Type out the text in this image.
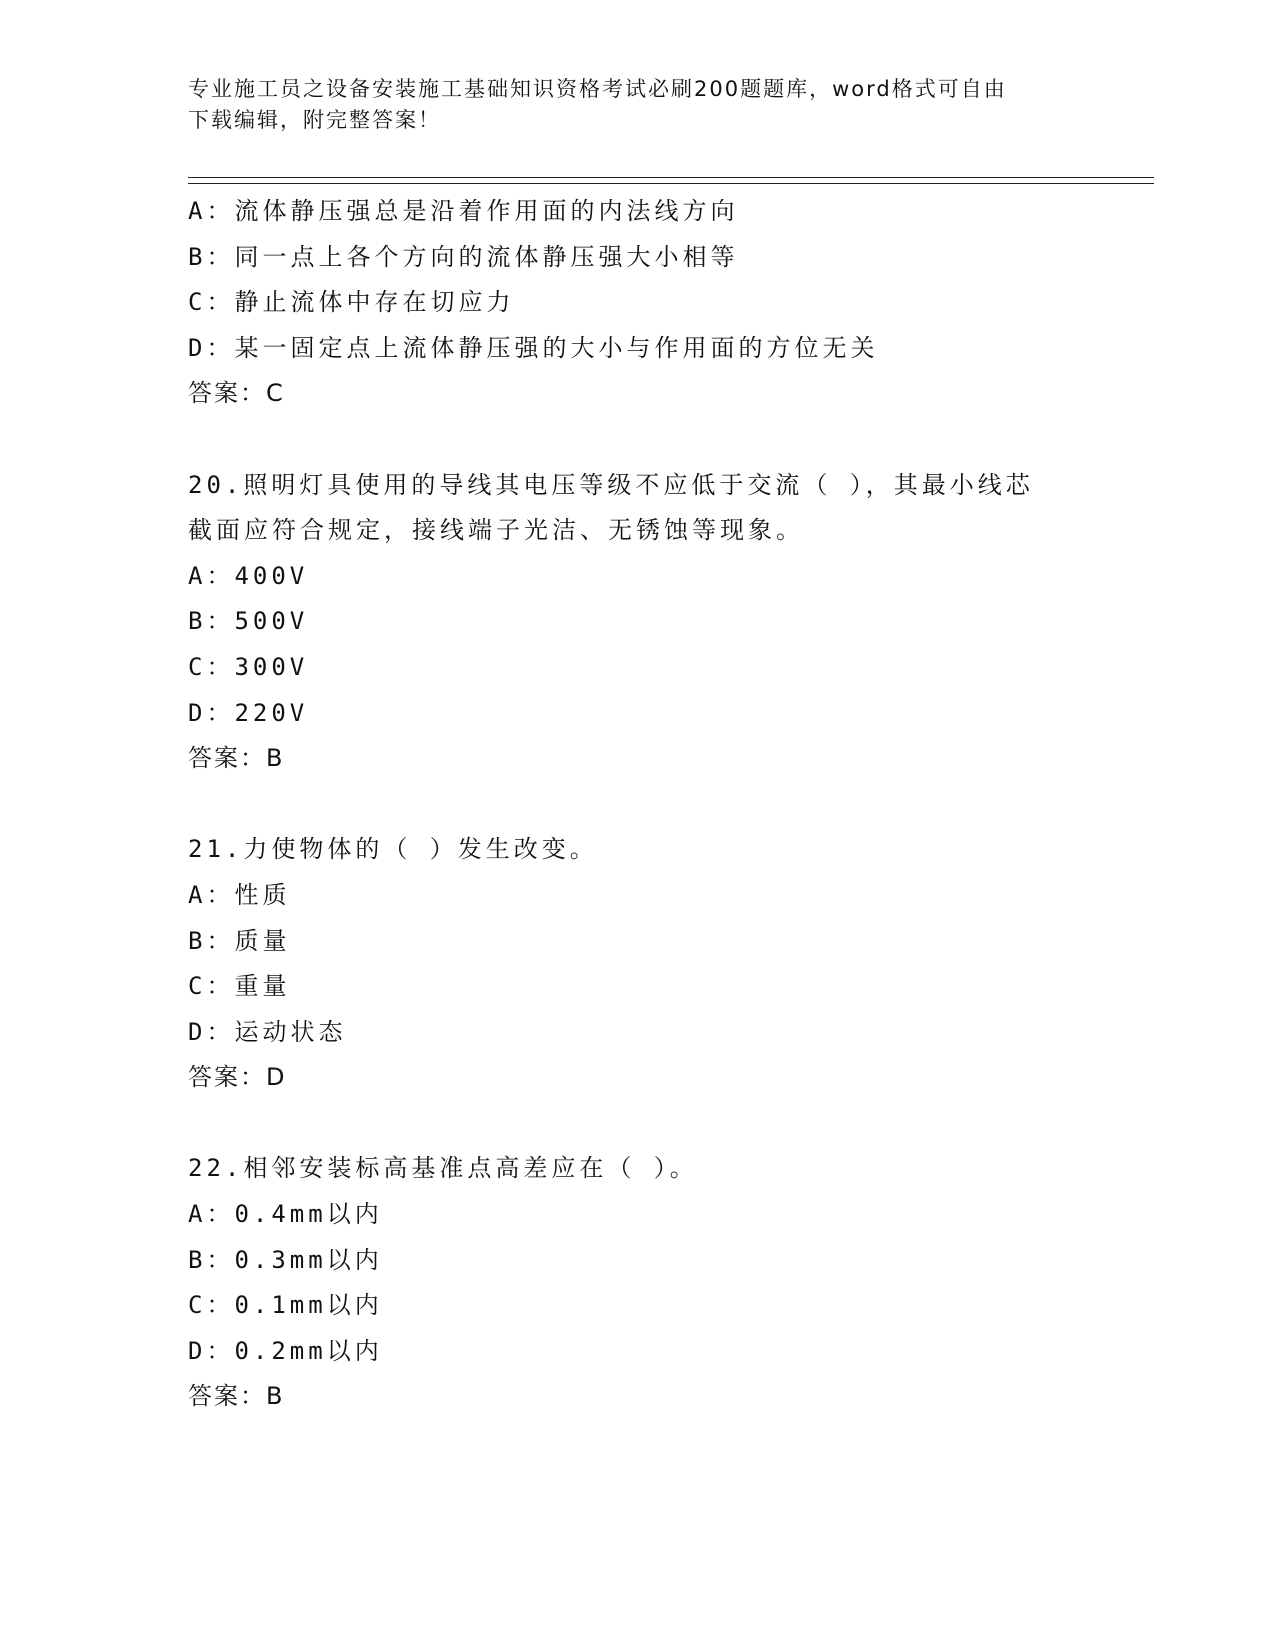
专业施工员之设备安装施工基础知识资格考试必刷200题题库，word格式可自由
下载编辑，附完整答案！
A：流体静压强总是沿着作用面的内法线方向
B：同一点上各个方向的流体静压强大小相等
C：静止流体中存在切应力
D：某一固定点上流体静压强的大小与作用面的方位无关
答案：C
20.照明灯具使用的导线其电压等级不应低于交流（ ），其最小线芯
截面应符合规定，接线端子光洁、无锈蚀等现象。
A：400V
B：500V
C：300V
D：220V
答案：B
21.力使物体的（ ）发生改变。
A：性质
B：质量
C：重量
D：运动状态
答案：D
22.相邻安装标高基准点高差应在（ ）。
A：0.4mm以内
B：0.3mm以内
C：0.1mm以内
D：0.2mm以内
答案：B
